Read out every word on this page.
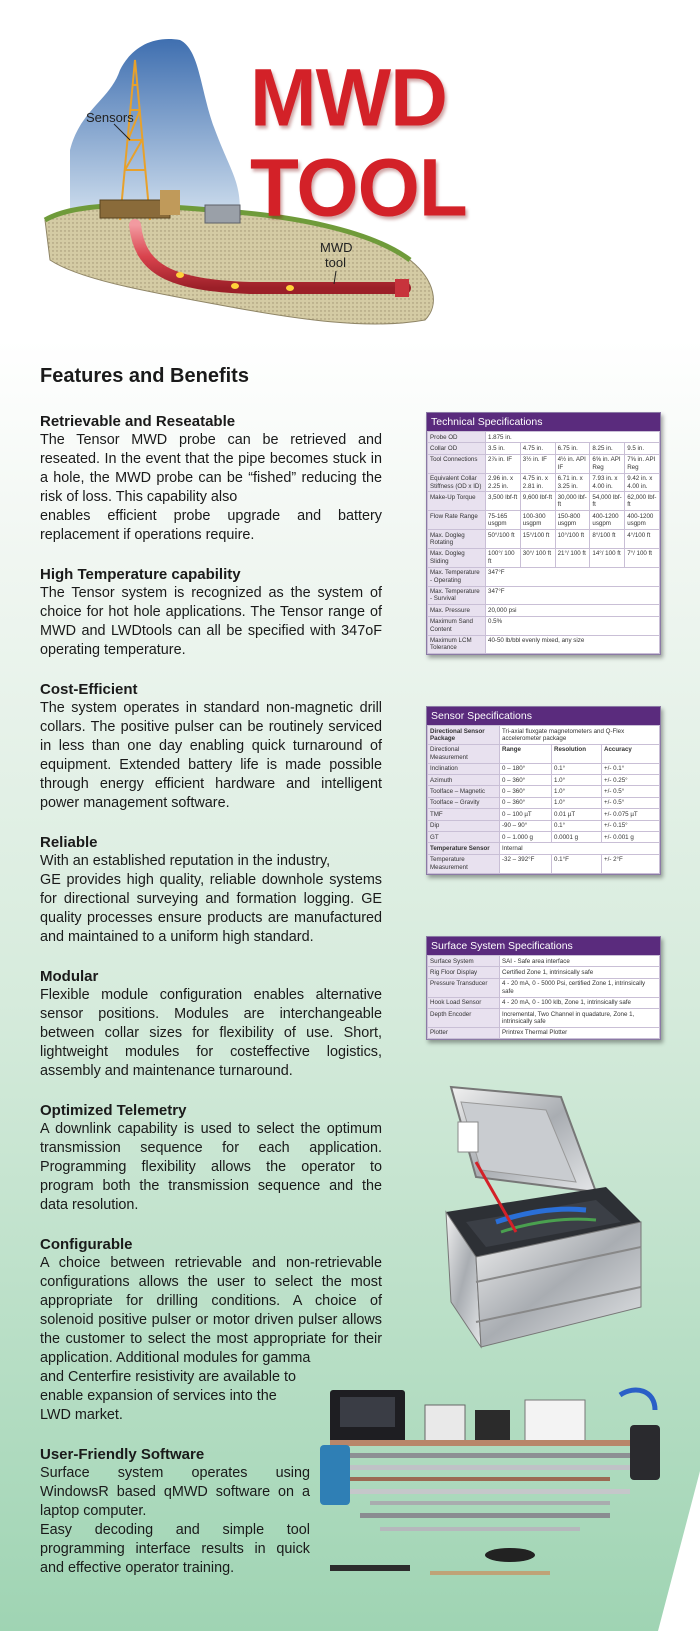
Sensors
MWD
tool
MWD TOOL
Features and Benefits
Retrievable and Reseatable

The Tensor MWD probe can be retrieved and reseated. In the event that the pipe becomes stuck in a hole, the MWD probe can be “fished” reducing the risk of loss. This capability also

enables efficient probe upgrade and battery replacement if operations require.

High Temperature capability

The Tensor system is recognized as the system of choice for hot hole applications. The Tensor range of MWD and LWDtools can all be specified with 347oF operating temperature.

Cost-Efficient

The system operates in standard non-magnetic drill collars. The positive pulser can be routinely serviced in less than one day enabling quick turnaround of equipment. Extended battery life is made possible through energy efficient hardware and intelligent power management software.

Reliable

With an established reputation in the industry,

GE provides high quality, reliable downhole systems for directional surveying and formation logging. GE quality processes ensure products are manufactured and maintained to a uniform high standard.

Modular

Flexible module configuration enables alternative sensor positions. Modules are interchangeable between collar sizes for flexibility of use. Short, lightweight modules for costeffective logistics, assembly and maintenance turnaround.

Optimized Telemetry

A downlink capability is used to select the optimum transmission sequence for each application. Programming flexibility allows the operator to program both the transmission sequence and the data resolution.

Configurable

A choice between retrievable and non-retrievable configurations allows the user to select the most appropriate for drilling conditions. A choice of solenoid positive pulser or motor driven pulser allows the customer to select the most appropriate for their application. Additional modules for gamma

and Centerfire resistivity are available to enable expansion of services into the LWD market.

User-Friendly Software

Surface system operates using WindowsR based qMWD software on a laptop computer.

Easy decoding and simple tool programming interface results in quick and effective operator training.

Technical Specifications
Probe OD	1.875 in.				
Collar OD	3.5 in.	4.75 in.	6.75 in.	8.25 in.	9.5 in.
Tool Connections	2⅞ in. IF	3½ in. IF	4½ in. API IF	6⅝ in. API Reg	7⅝ in. API Reg
Equivalent Collar Stiffness (OD x ID)	2.96 in. x 2.25 in.	4.75 in. x 2.81 in.	6.71 in. x 3.25 in.	7.93 in. x 4.00 in.	9.42 in. x 4.00 in.
Make-Up Torque	3,500 lbf-ft	9,600 lbf-ft	30,000 lbf-ft	54,000 lbf-ft	62,000 lbf-ft
Flow Rate Range	75-165 usgpm	100-300 usgpm	150-800 usgpm	400-1200 usgpm	400-1200 usgpm
Max. Dogleg Rotating	50°/100 ft	15°/100 ft	10°/100 ft	8°/100 ft	4°/100 ft
Max. Dogleg Sliding	100°/ 100 ft	30°/ 100 ft	21°/ 100 ft	14°/ 100 ft	7°/ 100 ft
Max. Temperature - Operating	347°F				
Max. Temperature - Survival	347°F				
Max. Pressure	20,000 psi				
Maximum Sand Content	0.5%				
Maximum LCM Tolerance	40-50 lb/bbl evenly mixed, any size				
Sensor Specifications
Directional Sensor Package	Tri-axial fluxgate magnetometers and Q-Flex accelerometer package		
Directional Measurement	Range	Resolution	Accuracy
Inclination	0 – 180°	0.1°	+/- 0.1°
Azimuth	0 – 360°	1.0°	+/- 0.25°
Toolface – Magnetic	0 – 360°	1.0°	+/- 0.5°
Toolface – Gravity	0 – 360°	1.0°	+/- 0.5°
TMF	0 – 100 µT	0.01 µT	+/- 0.075 µT
Dip	-90 – 90°	0.1°	+/- 0.15°
GT	0 – 1.000 g	0.0001 g	+/- 0.001 g
Temperature Sensor	Internal		
Temperature Measurement	-32 – 392°F	0.1°F	+/- 2°F
Surface System Specifications
Surface System	SAI - Safe area interface
Rig Floor Display	Certified Zone 1, intrinsically safe
Pressure Transducer	4 - 20 mA, 0 - 5000 Psi, certified Zone 1, intrinsically safe
Hook Load Sensor	4 - 20 mA, 0 - 100 klb, Zone 1, intrinsically safe
Depth Encoder	Incremental, Two Channel in quadature, Zone 1, intrinsically safe
Plotter	Printrex Thermal Plotter
